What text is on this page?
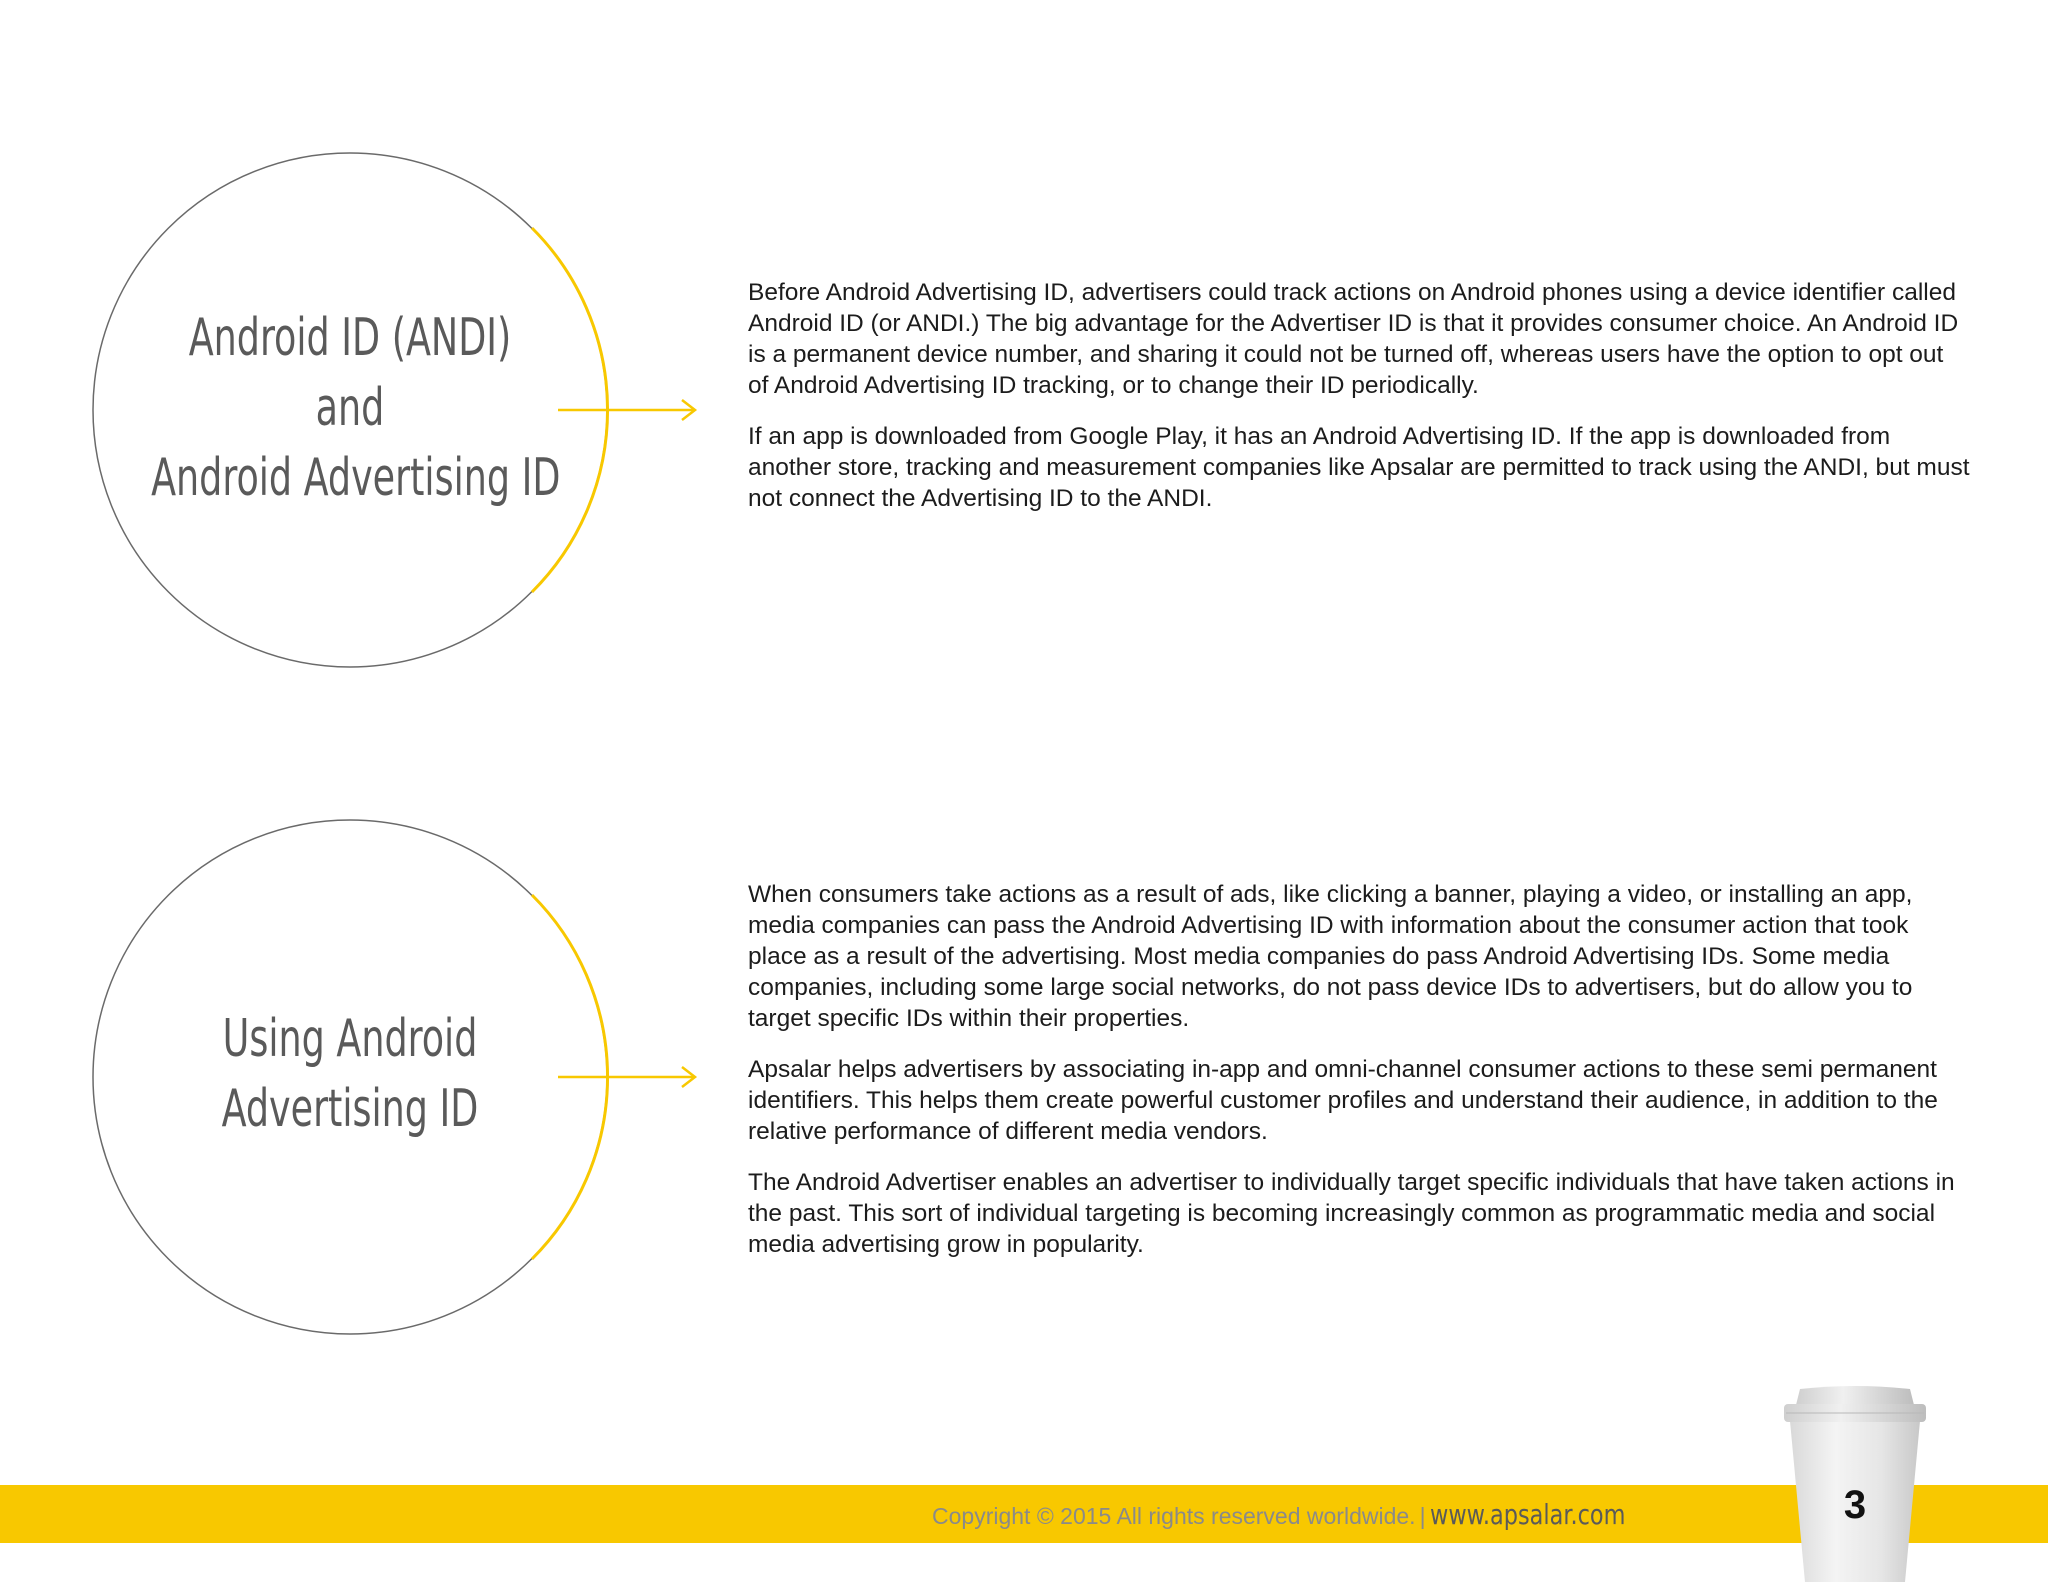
Android ID (ANDI)
and
Android Advertising ID

Before Android Advertising ID, advertisers could track actions on Android phones using a device identifier called Android ID (or ANDI.) The big advantage for the Advertiser ID is that it provides consumer choice. An Android ID is a permanent device number, and sharing it could not be turned off, whereas users have the option to opt out of Android Advertising ID tracking, or to change their ID periodically.

If an app is downloaded from Google Play, it has an Android Advertising ID. If the app is downloaded from another store, tracking and measurement companies like Apsalar are permitted to track using the ANDI, but must not connect the Advertising ID to the ANDI.

Using Android
Advertising ID

When consumers take actions as a result of ads, like clicking a banner, playing a video, or installing an app, media companies can pass the Android Advertising ID with information about the consumer action that took place as a result of the advertising. Most media companies do pass Android Advertising IDs. Some media companies, including some large social networks, do not pass device IDs to advertisers, but do allow you to target specific IDs within their properties.

Apsalar helps advertisers by associating in-app and omni-channel consumer actions to these semi permanent identifiers. This helps them create powerful customer profiles and understand their audience, in addition to the relative performance of different media vendors.

The Android Advertiser enables an advertiser to individually target specific individuals that have taken actions in the past. This sort of individual targeting is becoming increasingly common as programmatic media and social media advertising grow in popularity.

Copyright © 2015 All rights reserved worldwide. | www.apsalar.com	3
